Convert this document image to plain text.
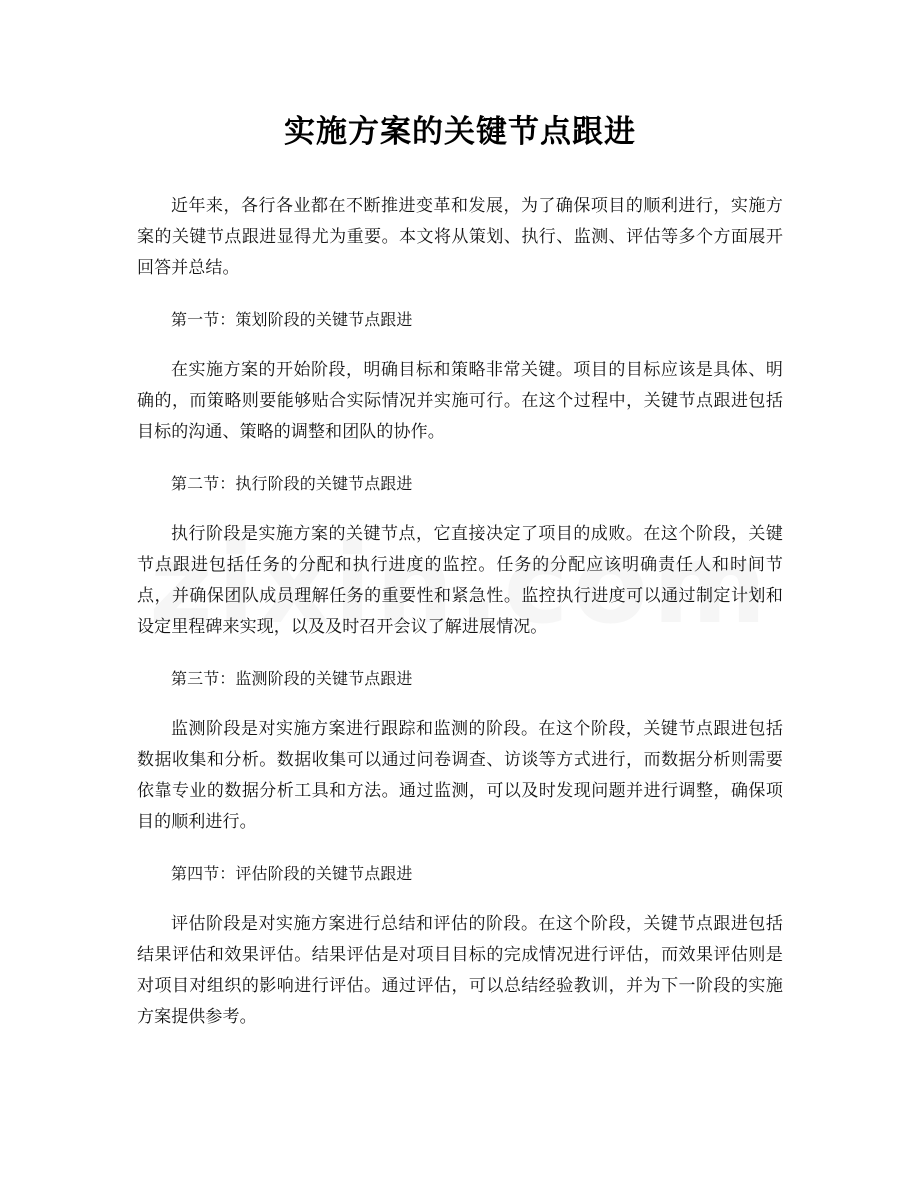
实施方案的关键节点跟进

近年来，各行各业都在不断推进变革和发展，为了确保项目的顺利进行，实施方案的关键节点跟进显得尤为重要。本文将从策划、执行、监测、评估等多个方面展开回答并总结。

第一节：策划阶段的关键节点跟进

在实施方案的开始阶段，明确目标和策略非常关键。项目的目标应该是具体、明确的，而策略则要能够贴合实际情况并实施可行。在这个过程中，关键节点跟进包括目标的沟通、策略的调整和团队的协作。

第二节：执行阶段的关键节点跟进

执行阶段是实施方案的关键节点，它直接决定了项目的成败。在这个阶段，关键节点跟进包括任务的分配和执行进度的监控。任务的分配应该明确责任人和时间节点，并确保团队成员理解任务的重要性和紧急性。监控执行进度可以通过制定计划和设定里程碑来实现，以及及时召开会议了解进展情况。

第三节：监测阶段的关键节点跟进

监测阶段是对实施方案进行跟踪和监测的阶段。在这个阶段，关键节点跟进包括数据收集和分析。数据收集可以通过问卷调查、访谈等方式进行，而数据分析则需要依靠专业的数据分析工具和方法。通过监测，可以及时发现问题并进行调整，确保项目的顺利进行。

第四节：评估阶段的关键节点跟进

评估阶段是对实施方案进行总结和评估的阶段。在这个阶段，关键节点跟进包括结果评估和效果评估。结果评估是对项目目标的完成情况进行评估，而效果评估则是对项目对组织的影响进行评估。通过评估，可以总结经验教训，并为下一阶段的实施方案提供参考。
